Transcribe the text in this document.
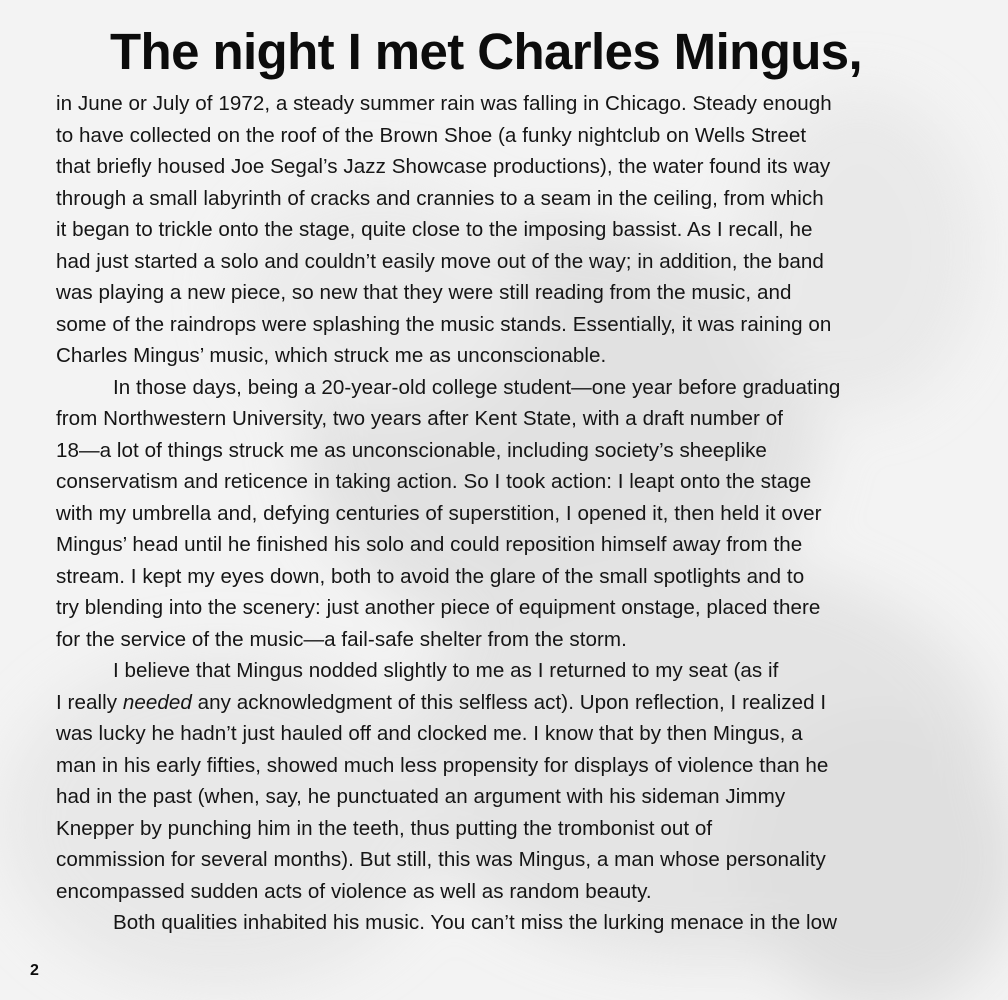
The night I met Charles Mingus,
in June or July of 1972, a steady summer rain was falling in Chicago. Steady enough
to have collected on the roof of the Brown Shoe (a funky nightclub on Wells Street
that briefly housed Joe Segal’s Jazz Showcase productions), the water found its way
through a small labyrinth of cracks and crannies to a seam in the ceiling, from which
it began to trickle onto the stage, quite close to the imposing bassist. As I recall, he
had just started a solo and couldn’t easily move out of the way; in addition, the band
was playing a new piece, so new that they were still reading from the music, and
some of the raindrops were splashing the music stands. Essentially, it was raining on
Charles Mingus’ music, which struck me as unconscionable.
In those days, being a 20-year-old college student—one year before graduating
from Northwestern University, two years after Kent State, with a draft number of
18—a lot of things struck me as unconscionable, including society’s sheeplike
conservatism and reticence in taking action. So I took action: I leapt onto the stage
with my umbrella and, defying centuries of superstition, I opened it, then held it over
Mingus’ head until he finished his solo and could reposition himself away from the
stream. I kept my eyes down, both to avoid the glare of the small spotlights and to
try blending into the scenery: just another piece of equipment onstage, placed there
for the service of the music—a fail-safe shelter from the storm.
I believe that Mingus nodded slightly to me as I returned to my seat (as if
I really needed any acknowledgment of this selfless act). Upon reflection, I realized I
was lucky he hadn’t just hauled off and clocked me. I know that by then Mingus, a
man in his early fifties, showed much less propensity for displays of violence than he
had in the past (when, say, he punctuated an argument with his sideman Jimmy
Knepper by punching him in the teeth, thus putting the trombonist out of
commission for several months). But still, this was Mingus, a man whose personality
encompassed sudden acts of violence as well as random beauty.
Both qualities inhabited his music. You can’t miss the lurking menace in the low
2
